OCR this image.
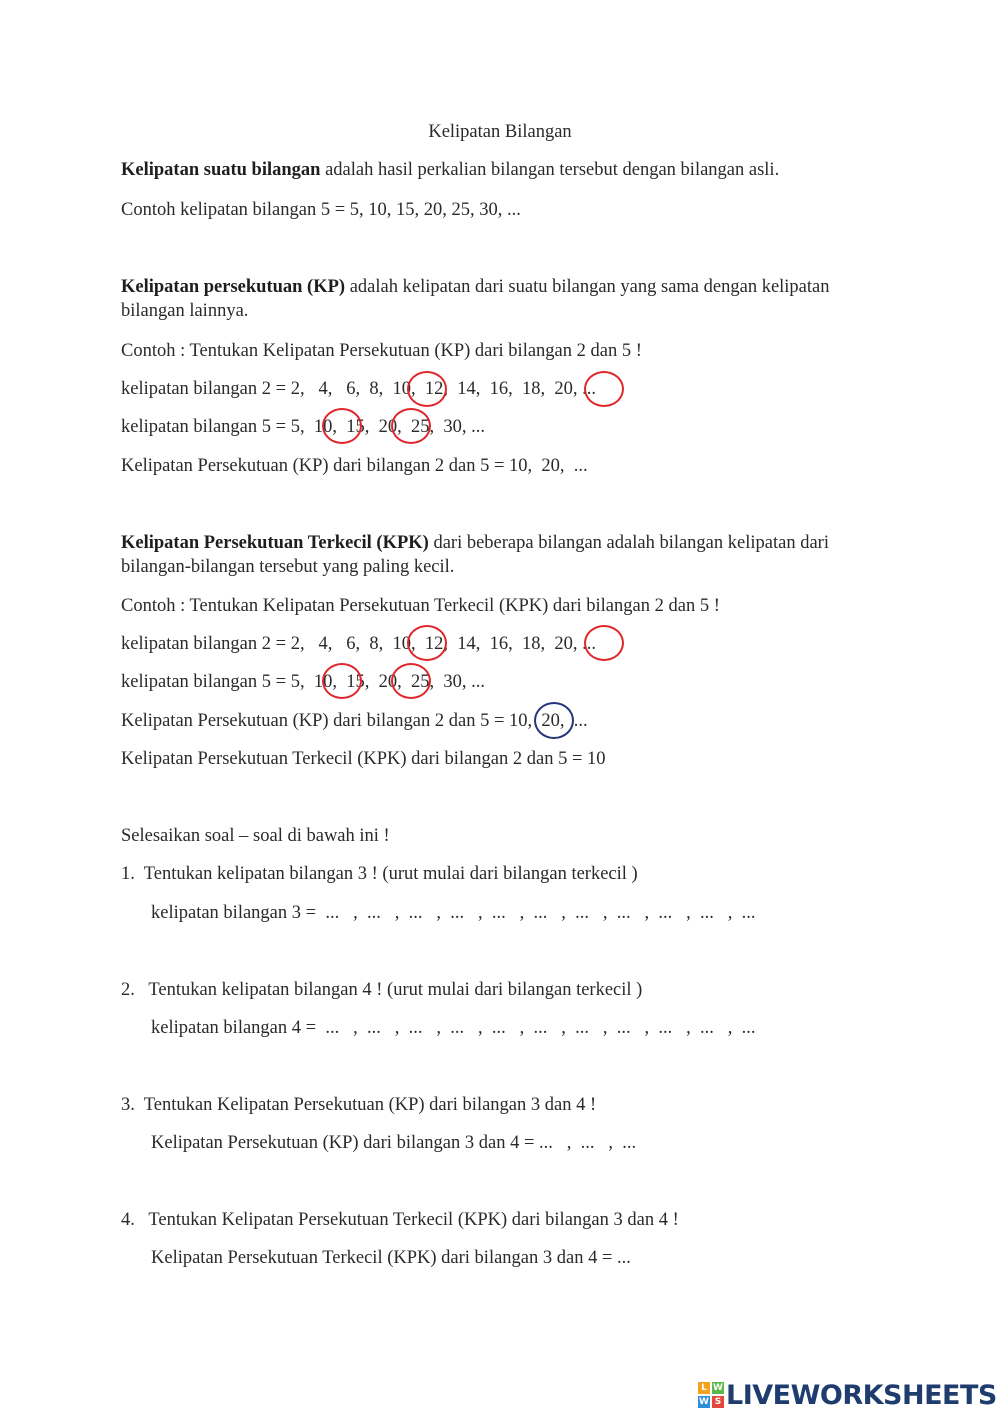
Kelipatan Bilangan

Kelipatan suatu bilangan adalah hasil perkalian bilangan tersebut dengan bilangan asli.

Contoh kelipatan bilangan 5 = 5, 10, 15, 20, 25, 30, ...

Kelipatan persekutuan (KP) adalah kelipatan dari suatu bilangan yang sama dengan kelipatan bilangan lainnya.

Contoh : Tentukan Kelipatan Persekutuan (KP) dari bilangan 2 dan 5 !

kelipatan bilangan 2 = 2,   4,   6,  8,  10,  12,  14,  16,  18,  20, ...

kelipatan bilangan 5 = 5,  10,  15,  20,  25,  30, ...

Kelipatan Persekutuan (KP) dari bilangan 2 dan 5 = 10,  20,  ...

Kelipatan Persekutuan Terkecil (KPK) dari beberapa bilangan adalah bilangan kelipatan dari bilangan-bilangan tersebut yang paling kecil.

Contoh : Tentukan Kelipatan Persekutuan Terkecil (KPK) dari bilangan 2 dan 5 !

kelipatan bilangan 2 = 2,   4,   6,  8,  10,  12,  14,  16,  18,  20, ...

kelipatan bilangan 5 = 5,  10,  15,  20,  25,  30, ...

Kelipatan Persekutuan (KP) dari bilangan 2 dan 5 = 10,  20,  ...

Kelipatan Persekutuan Terkecil (KPK) dari bilangan 2 dan 5 = 10

Selesaikan soal – soal di bawah ini !

1.  Tentukan kelipatan bilangan 3 ! (urut mulai dari bilangan terkecil )

kelipatan bilangan 3 =  ...   ,  ...   ,  ...   ,  ...   ,  ...   ,  ...   ,  ...   ,  ...   ,  ...   ,  ...   ,  ...

2.   Tentukan kelipatan bilangan 4 ! (urut mulai dari bilangan terkecil )

kelipatan bilangan 4 =  ...   ,  ...   ,  ...   ,  ...   ,  ...   ,  ...   ,  ...   ,  ...   ,  ...   ,  ...   ,  ...

3.  Tentukan Kelipatan Persekutuan (KP) dari bilangan 3 dan 4 !

Kelipatan Persekutuan (KP) dari bilangan 3 dan 4 = ...   ,  ...   ,  ...

4.   Tentukan Kelipatan Persekutuan Terkecil (KPK) dari bilangan 3 dan 4 !

Kelipatan Persekutuan Terkecil (KPK) dari bilangan 3 dan 4 = ...

L W
W S LIVEWORKSHEETS
